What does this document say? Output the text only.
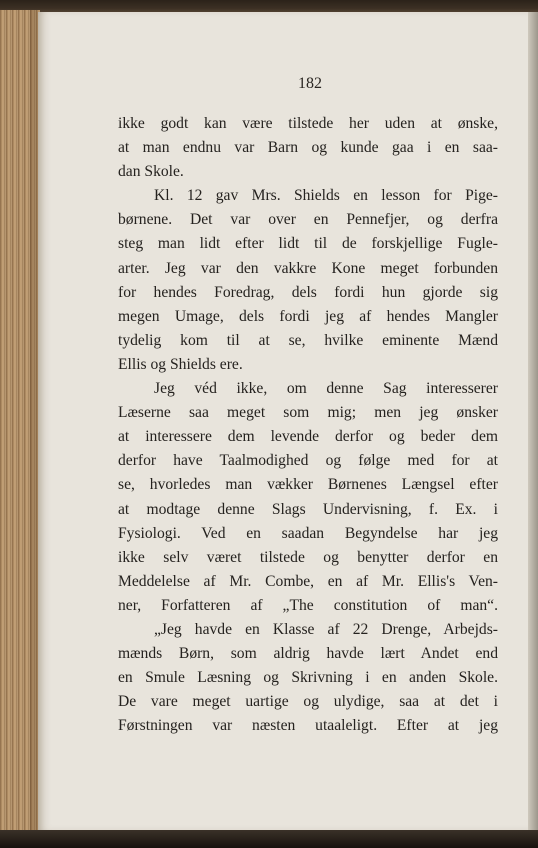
182
ikke godt kan være tilstede her uden at ønske,
at man endnu var Barn og kunde gaa i en saa-
dan Skole.
Kl. 12 gav Mrs. Shields en lesson for Pige-
børnene. Det var over en Pennefjer, og derfra
steg man lidt efter lidt til de forskjellige Fugle-
arter. Jeg var den vakkre Kone meget forbunden
for hendes Foredrag, dels fordi hun gjorde sig
megen Umage, dels fordi jeg af hendes Mangler
tydelig kom til at se, hvilke eminente Mænd
Ellis og Shields ere.
Jeg véd ikke, om denne Sag interesserer
Læserne saa meget som mig; men jeg ønsker
at interessere dem levende derfor og beder dem
derfor have Taalmodighed og følge med for at
se, hvorledes man vækker Børnenes Længsel efter
at modtage denne Slags Undervisning, f. Ex. i
Fysiologi. Ved en saadan Begyndelse har jeg
ikke selv været tilstede og benytter derfor en
Meddelelse af Mr. Combe, en af Mr. Ellis's Ven-
ner, Forfatteren af „The constitution of man“.
„Jeg havde en Klasse af 22 Drenge, Arbejds-
mænds Børn, som aldrig havde lært Andet end
en Smule Læsning og Skrivning i en anden Skole.
De vare meget uartige og ulydige, saa at det i
Førstningen var næsten utaaleligt. Efter at jeg
